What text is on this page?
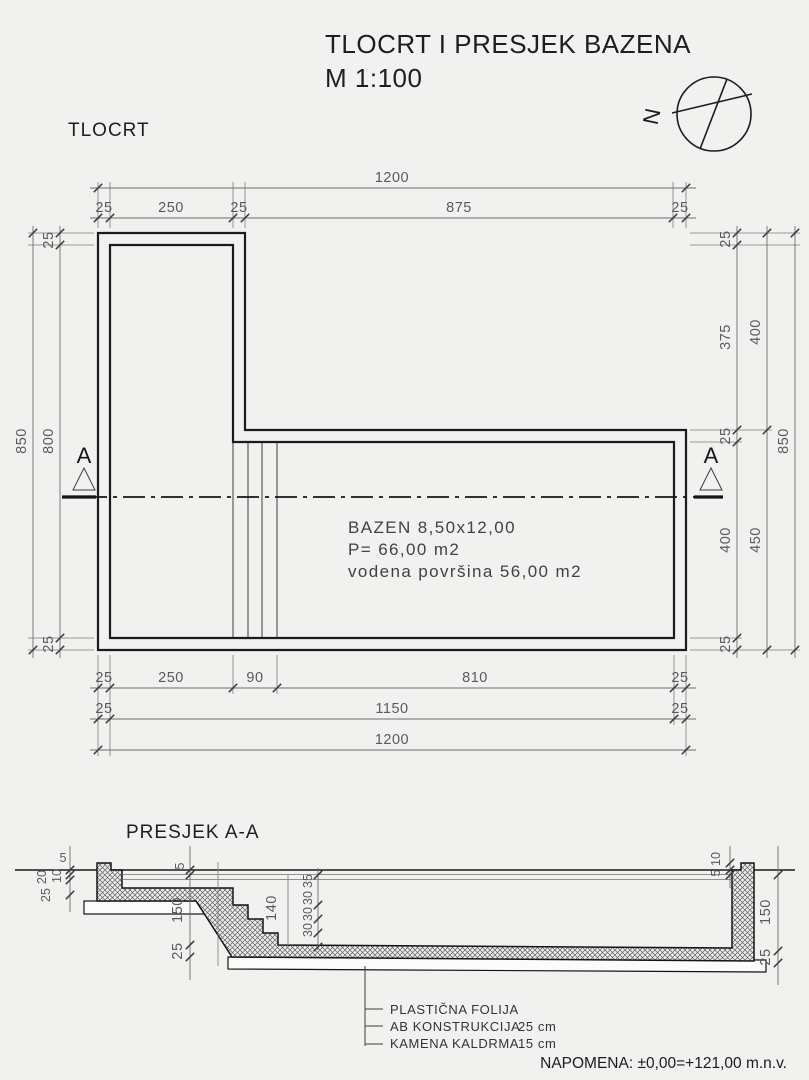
TLOCRT I PRESJEK BAZENA
M 1:100
N
TLOCRT
A	A
BAZEN 8,50x12,00
P= 66,00 m2
vodena površina 56,00 m2
1200
25	250	25	875	25
850
25
800
25
25
375
25
400
25
400
450
850
25	250	90	810	25
25	1150	25
1200
PRESJEK A-A
5
20 10
25
5
150
25
140
35
30
30
30
10
5
150
25
PLASTIČNA FOLIJA
AB KONSTRUKCIJA
25 cm
KAMENA KALDRMA
15 cm
NAPOMENA: ±0,00=+121,00 m.n.v.
